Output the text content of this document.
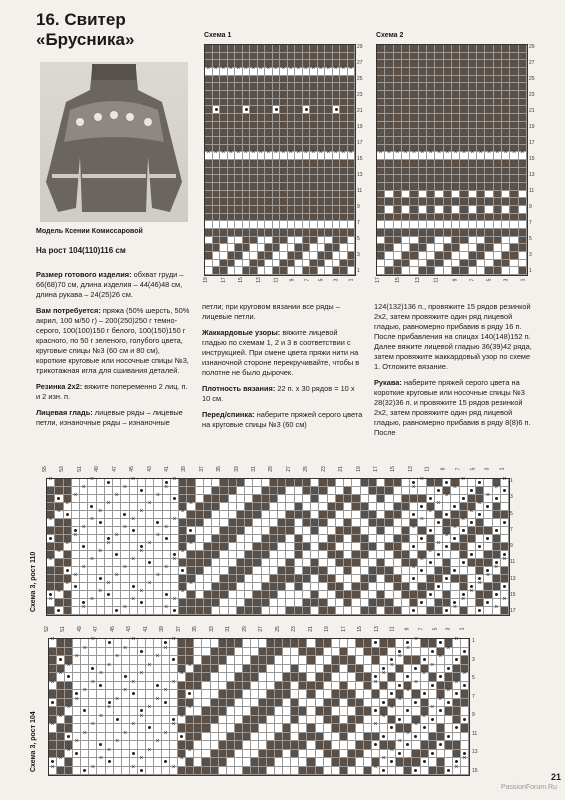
16. Свитер
«Брусника»
Модель Ксении Комиссаровой
На рост 104(110)116 см

Размер готового изделия: обхват груди – 66(68)70 см, длина изделия – 44(46)48 см, длина рукава – 24(25)26 см.

Вам потребуется: пряжа (50% шерсть, 50% акрил, 100 м/50 г) – 200(250)250 г темно-серого, 100(100)150 г белого, 100(150)150 г красного, по 50 г зеленого, голубого цвета, круговые спицы №3 (60 см и 80 см), короткие круговые или носочные спицы №3, трикотажная игла для сшивания деталей.

Резинка 2х2: вяжите попеременно 2 лиц. п. и 2 изн. п.

Лицевая гладь: лицевые ряды – лицевые петли, изнаночные ряды – изнаночные

петли; при круговом вязании все ряды – лицевые петли.

Жаккардовые узоры: вяжите лицевой гладью по схемам 1, 2 и 3 в соответствии с инструкцией. При смене цвета пряжи нити на изнаночной стороне перекручивайте, чтобы в полотне не было дырочек.

Плотность вязания: 22 п. х 30 рядов = 10 х 10 см.

Перед/спинка: наберите пряжей серого цвета на круговые спицы №3 (60 см)

124(132)136 п., провяжите 15 рядов резинкой 2х2, затем провяжите один ряд лицевой гладью, равномерно прибавив в ряду 16 п. После прибавления на спицах 140(148)152 п. Далее вяжите лицевой гладью 36(39)42 ряда, затем провяжите жаккардовый узор по схеме 1. Отложите вязание.

Рукава: наберите пряжей серого цвета на короткие круговые или носочные спицы №3 28(32)36 п. и провяжите 15 рядов резинкой 2х2, затем провяжите один ряд лицевой гладью, равномерно прибавив в ряду 8(8)6 п. После

Схема 1
×
×
×
×
×
×
×
×
×
×
×
×
×
×
×
×
×
×
×
×
×
×
×
×
×
×
×
×
×
×
×
×
×
×
×
×
×
×
×
×
29
27
25
23
21
19
17
15
13
11
9
7
5
3
1
19	17	15	13	11	9	7	5	3	1
Схема 2
×
×
×
×
×
×
×
×
×
×
×
×
×
×
×
×
×
×
29
27
25
23
21
19
17
15
13
11
9
7
5
3
1
17	15	13	11	9	7	5	3	1
Схема 3, рост 110
55	53	51	49	47	45	43	41	39	37	35	33	31	29	27	25	23	21	19	17	15	13	11	9	7	5	3	1
×
×
×
×
×
×
×
×
×
×
×
×
×
×
×
×
×
×
×
×
×
×
×
×
×
×
×
×
×
×
×
×
×
×
×
×
×
×
×
×
×
×
×
×
×
×
×
×
×
×
×
×
×
×
×
×
×
×
×
×
×
×
×
×
×
×
×
×
×
×
×
×
×
×
×
×
×
×
×
×
×
×
×
×
×
×
×
×
×
×
×
1
3
5
7
9
11
13
15
17
Схема 3, рост 104
52	51	49	47	45	43	41	39	37	35	33	31	29	27	25	23	21	19	17	15	13	11	9	7	5	3	1
×
×
×
×
×
×
×
×
×
×
×
×
×
×
×
×
×
×
×
×
×
×
×
×
×
×
×
×
×
×
×
×
×
×
×
×
×
×
×
×
×
×
×
×
×
×
×
×
×
×
×
×
×
×
×
×
×
×
×
×
×
×
×
×
×
×
×
×
×
×
×
×
×
×
×
×
×
×
×
×
×
×
×
×
×
×
×
×
×
1
3
5
7
9
11
13
15
PassionForum.Ru
21
